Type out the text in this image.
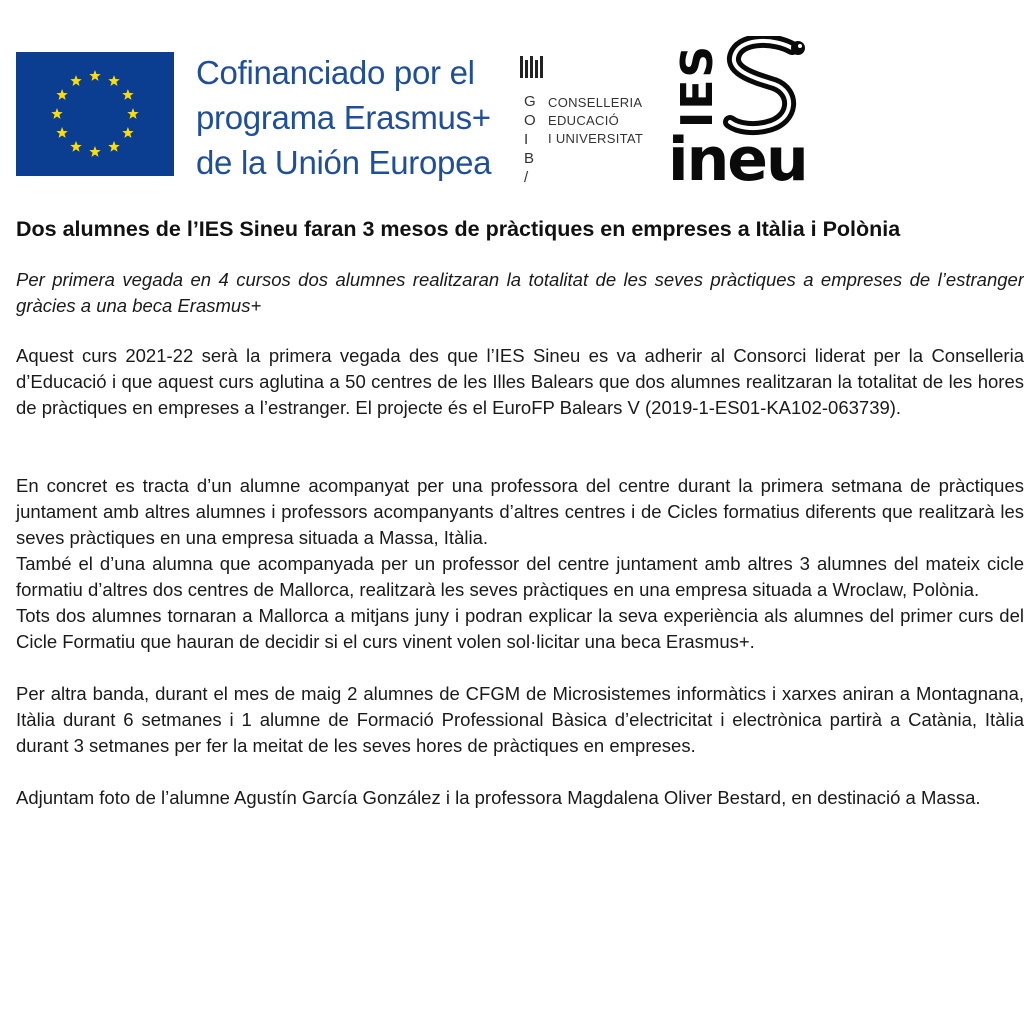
Cofinanciado por el
programa Erasmus+
de la Unión Europea
G
O
I
B
/
CONSELLERIA
EDUCACIÓ
I UNIVERSITAT
IES
ineu
Dos alumnes de l’IES Sineu faran 3 mesos de pràctiques en empreses a Itàlia i Polònia

Per primera vegada en 4 cursos dos alumnes realitzaran la totalitat de les seves pràctiques a empreses de l’estranger gràcies a una beca Erasmus+

Aquest curs 2021-22 serà la primera vegada des que l’IES Sineu es va adherir al Consorci liderat per la Conselleria d’Educació i que aquest curs aglutina a 50 centres de les Illes Balears que dos alumnes realitzaran la totalitat de les hores de pràctiques en empreses a l’estranger. El projecte és el EuroFP Balears V (2019-1-ES01-KA102-063739).

En concret es tracta d’un alumne acompanyat per una professora del centre durant la primera setmana de pràctiques juntament amb altres alumnes i professors acompanyants d’altres centres i de Cicles formatius diferents que realitzarà les seves pràctiques en una empresa situada a Massa, Itàlia.

També el d’una alumna que acompanyada per un professor del centre juntament amb altres 3 alumnes del mateix cicle formatiu d’altres dos centres de Mallorca, realitzarà les seves pràctiques en una empresa situada a Wroclaw, Polònia.

Tots dos alumnes tornaran a Mallorca a mitjans juny i podran explicar la seva experiència als alumnes del primer curs del Cicle Formatiu que hauran de decidir si el curs vinent volen sol·licitar una beca Erasmus+.

Per altra banda, durant el mes de maig 2 alumnes de CFGM de Microsistemes informàtics i xarxes aniran a Montagnana, Itàlia durant 6 setmanes i 1 alumne de Formació Professional Bàsica d’electricitat i electrònica partirà a Catània, Itàlia durant 3 setmanes per fer la meitat de les seves hores de pràctiques en empreses.

Adjuntam foto de l’alumne Agustín García González i la professora Magdalena Oliver Bestard, en destinació a Massa.
